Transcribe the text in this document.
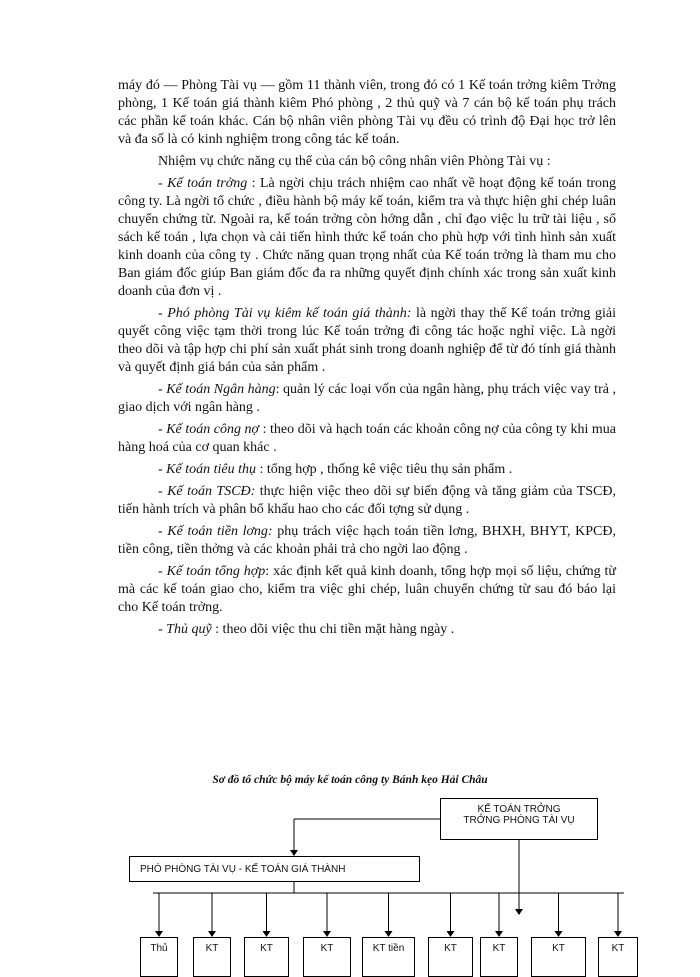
máy đó — Phòng Tài vụ — gồm 11 thành viên, trong đó có 1 Kế toán trởng kiêm Trởng phòng, 1 Kế toán giá thành kiêm Phó phòng , 2 thủ quỹ và 7 cán bộ kế toán phụ trách các phần kế toán khác. Cán bộ nhân viên phòng Tài vụ đều có trình độ Đại học trở lên và đa số là có kinh nghiệm trong công tác kế toán.

Nhiệm vụ chức năng cụ thể của cán bộ công nhân viên Phòng Tài vụ :

- Kế toán trởng : Là ngời chịu trách nhiệm cao nhất về hoạt động kế toán trong công ty. Là ngời tổ chức , điều hành bộ máy kế toán, kiểm tra và thực hiện ghi chép luân chuyển chứng từ. Ngoài ra, kế toán trởng còn hớng dẫn , chỉ đạo việc lu trữ tài liệu , sổ sách kế toán , lựa chọn và cải tiến hình thức kế toán cho phù hợp với tình hình sản xuất kinh doanh của công ty . Chức năng quan trọng nhất của Kế toán trởng là tham mu cho Ban giám đốc giúp Ban giám đốc đa ra những quyết định chính xác trong sản xuất kinh doanh của đơn vị .

- Phó phòng Tài vụ kiêm kế toán giá thành: là ngời thay thế Kế toán trởng giải quyết công việc tạm thời trong lúc Kế toán trởng đi công tác hoặc nghỉ việc. Là ngời theo dõi và tập hợp chi phí sản xuất phát sinh trong doanh nghiệp để từ đó tính giá thành và quyết định giá bán của sản phẩm .

- Kế toán Ngân hàng: quản lý các loại vốn của ngân hàng, phụ trách việc vay trả , giao dịch với ngân hàng .

- Kế toán công nợ : theo dõi và hạch toán các khoản công nợ của công ty khi mua hàng hoá của cơ quan khác .

- Kế toán tiêu thụ : tổng hợp , thống kê việc tiêu thụ sản phẩm .

- Kế toán TSCĐ: thực hiện việc theo dõi sự biến động và tăng giảm của TSCĐ, tiến hành trích và phân bổ khấu hao cho các đối tợng sử dụng .

- Kế toán tiền lơng: phụ trách việc hạch toán tiền lơng, BHXH, BHYT, KPCĐ, tiền công, tiền thởng và các khoản phải trả cho ngời lao động .

- Kế toán tổng hợp: xác định kết quả kinh doanh, tổng hợp mọi số liệu, chứng từ mà các kế toán giao cho, kiểm tra việc ghi chép, luân chuyển chứng từ sau đó báo lại cho Kế toán trởng.

- Thủ quỹ : theo dõi việc thu chi tiền mặt hàng ngày .

Sơ đồ tổ chức bộ máy kế toán công ty Bánh kẹo Hải Châu
KẾ TOÁN TRỞNG
TRỞNG PHÒNG TÀI VỤ
PHÓ PHÒNG TÀI VỤ - KẾ TOÁN GIÁ THÀNH
Thủ	KT	KT	KT	KT tiền	KT	KT	KT	KT
